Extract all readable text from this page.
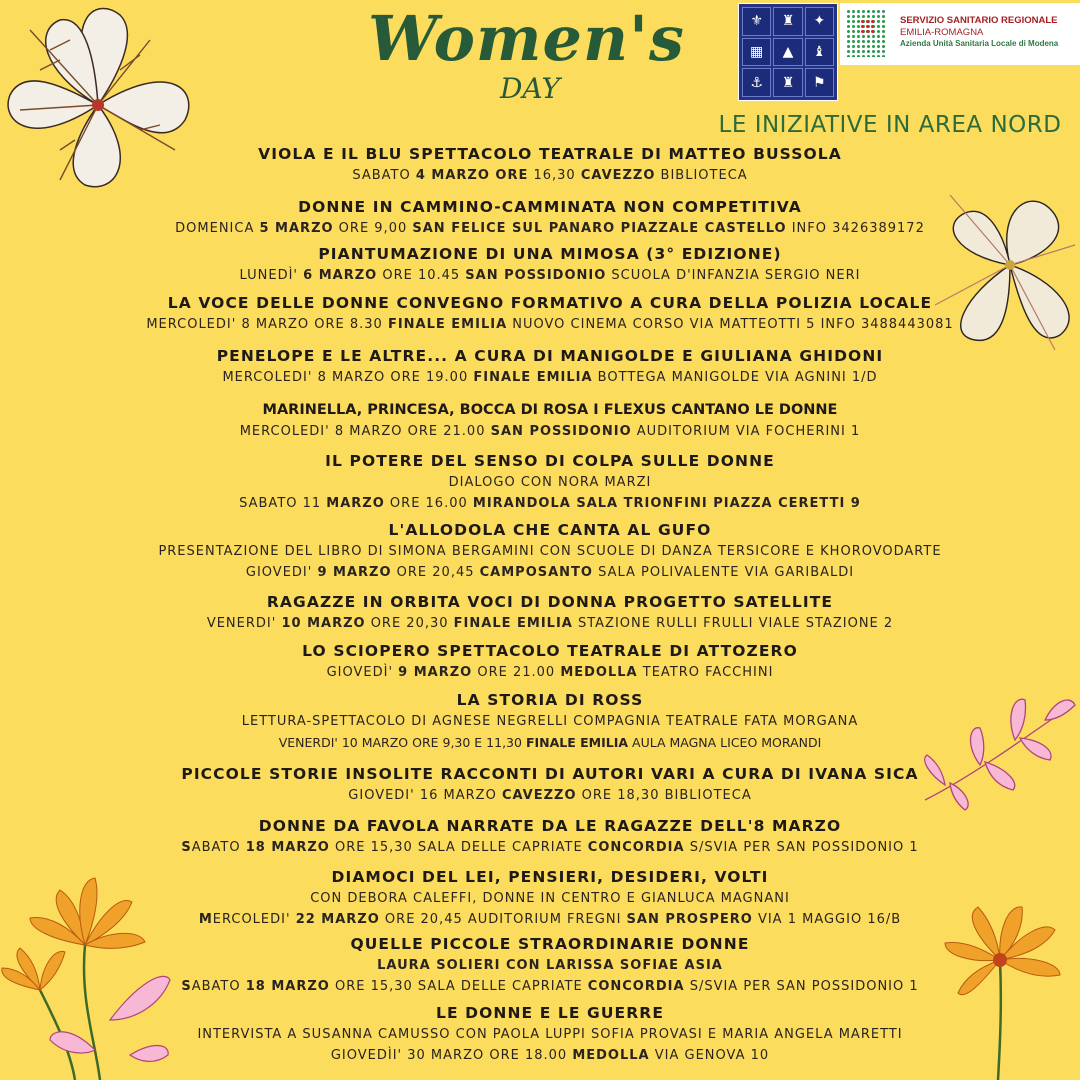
Women's
DAY
⚜	♜	✦
▦	▲	♝
⚓	♜	⚑
SERVIZIO SANITARIO REGIONALE
EMILIA-ROMAGNA
Azienda Unità Sanitaria Locale di Modena
LE INIZIATIVE IN AREA NORD
VIOLA E IL BLU SPETTACOLO TEATRALE DI MATTEO BUSSOLA
SABATO 4 MARZO ORE 16,30 CAVEZZO BIBLIOTECA
DONNE IN CAMMINO-CAMMINATA NON COMPETITIVA
DOMENICA 5 MARZO ORE 9,00 SAN FELICE SUL PANARO PIAZZALE CASTELLO INFO 3426389172
PIANTUMAZIONE DI UNA MIMOSA (3° EDIZIONE)
LUNEDÌ' 6 MARZO ORE 10.45 SAN POSSIDONIO SCUOLA D'INFANZIA SERGIO NERI
LA VOCE DELLE DONNE CONVEGNO FORMATIVO A CURA DELLA POLIZIA LOCALE
MERCOLEDI' 8 MARZO ORE 8.30 FINALE EMILIA NUOVO CINEMA CORSO VIA MATTEOTTI 5 INFO 3488443081
PENELOPE E LE ALTRE... A CURA DI MANIGOLDE E GIULIANA GHIDONI
MERCOLEDI' 8 MARZO ORE 19.00 FINALE EMILIA BOTTEGA MANIGOLDE VIA AGNINI 1/D
MARINELLA, PRINCESA, BOCCA DI ROSA I FLEXUS CANTANO LE DONNE
MERCOLEDI' 8 MARZO ORE 21.00 SAN POSSIDONIO AUDITORIUM VIA FOCHERINI 1
IL POTERE DEL SENSO DI COLPA SULLE DONNE
DIALOGO CON NORA MARZI
SABATO 11 MARZO ORE 16.00 MIRANDOLA SALA TRIONFINI PIAZZA CERETTI 9
L'ALLODOLA CHE CANTA AL GUFO
PRESENTAZIONE DEL LIBRO DI SIMONA BERGAMINI CON SCUOLE DI DANZA TERSICORE E KHOROVODARTE
GIOVEDI' 9 MARZO ORE 20,45 CAMPOSANTO SALA POLIVALENTE VIA GARIBALDI
RAGAZZE IN ORBITA VOCI DI DONNA PROGETTO SATELLITE
VENERDI' 10 MARZO ORE 20,30 FINALE EMILIA STAZIONE RULLI FRULLI VIALE STAZIONE 2
LO SCIOPERO SPETTACOLO TEATRALE DI ATTOZERO
GIOVEDÌ' 9 MARZO ORE 21.00 MEDOLLA TEATRO FACCHINI
LA STORIA DI ROSS
LETTURA-SPETTACOLO DI AGNESE NEGRELLI COMPAGNIA TEATRALE FATA MORGANA
VENERDI' 10 MARZO ORE 9,30 E 11,30 FINALE EMILIA AULA MAGNA LICEO MORANDI
PICCOLE STORIE INSOLITE RACCONTI DI AUTORI VARI A CURA DI IVANA SICA
GIOVEDI' 16 MARZO CAVEZZO ORE 18,30 BIBLIOTECA
DONNE DA FAVOLA NARRATE DA LE RAGAZZE DELL'8 MARZO
SABATO 18 MARZO ORE 15,30 SALA DELLE CAPRIATE CONCORDIA S/SVIA PER SAN POSSIDONIO 1
DIAMOCI DEL LEI, PENSIERI, DESIDERI, VOLTI
CON DEBORA CALEFFI, DONNE IN CENTRO E GIANLUCA MAGNANI
MERCOLEDI' 22 MARZO ORE 20,45 AUDITORIUM FREGNI SAN PROSPERO VIA 1 MAGGIO 16/B
QUELLE PICCOLE STRAORDINARIE DONNE
LAURA SOLIERI CON LARISSA SOFIAE ASIA
SABATO 18 MARZO ORE 15,30 SALA DELLE CAPRIATE CONCORDIA S/SVIA PER SAN POSSIDONIO 1
LE DONNE E LE GUERRE
INTERVISTA A SUSANNA CAMUSSO CON PAOLA LUPPI SOFIA PROVASI E MARIA ANGELA MARETTI
GIOVEDÌI' 30 MARZO ORE 18.00 MEDOLLA VIA GENOVA 10
